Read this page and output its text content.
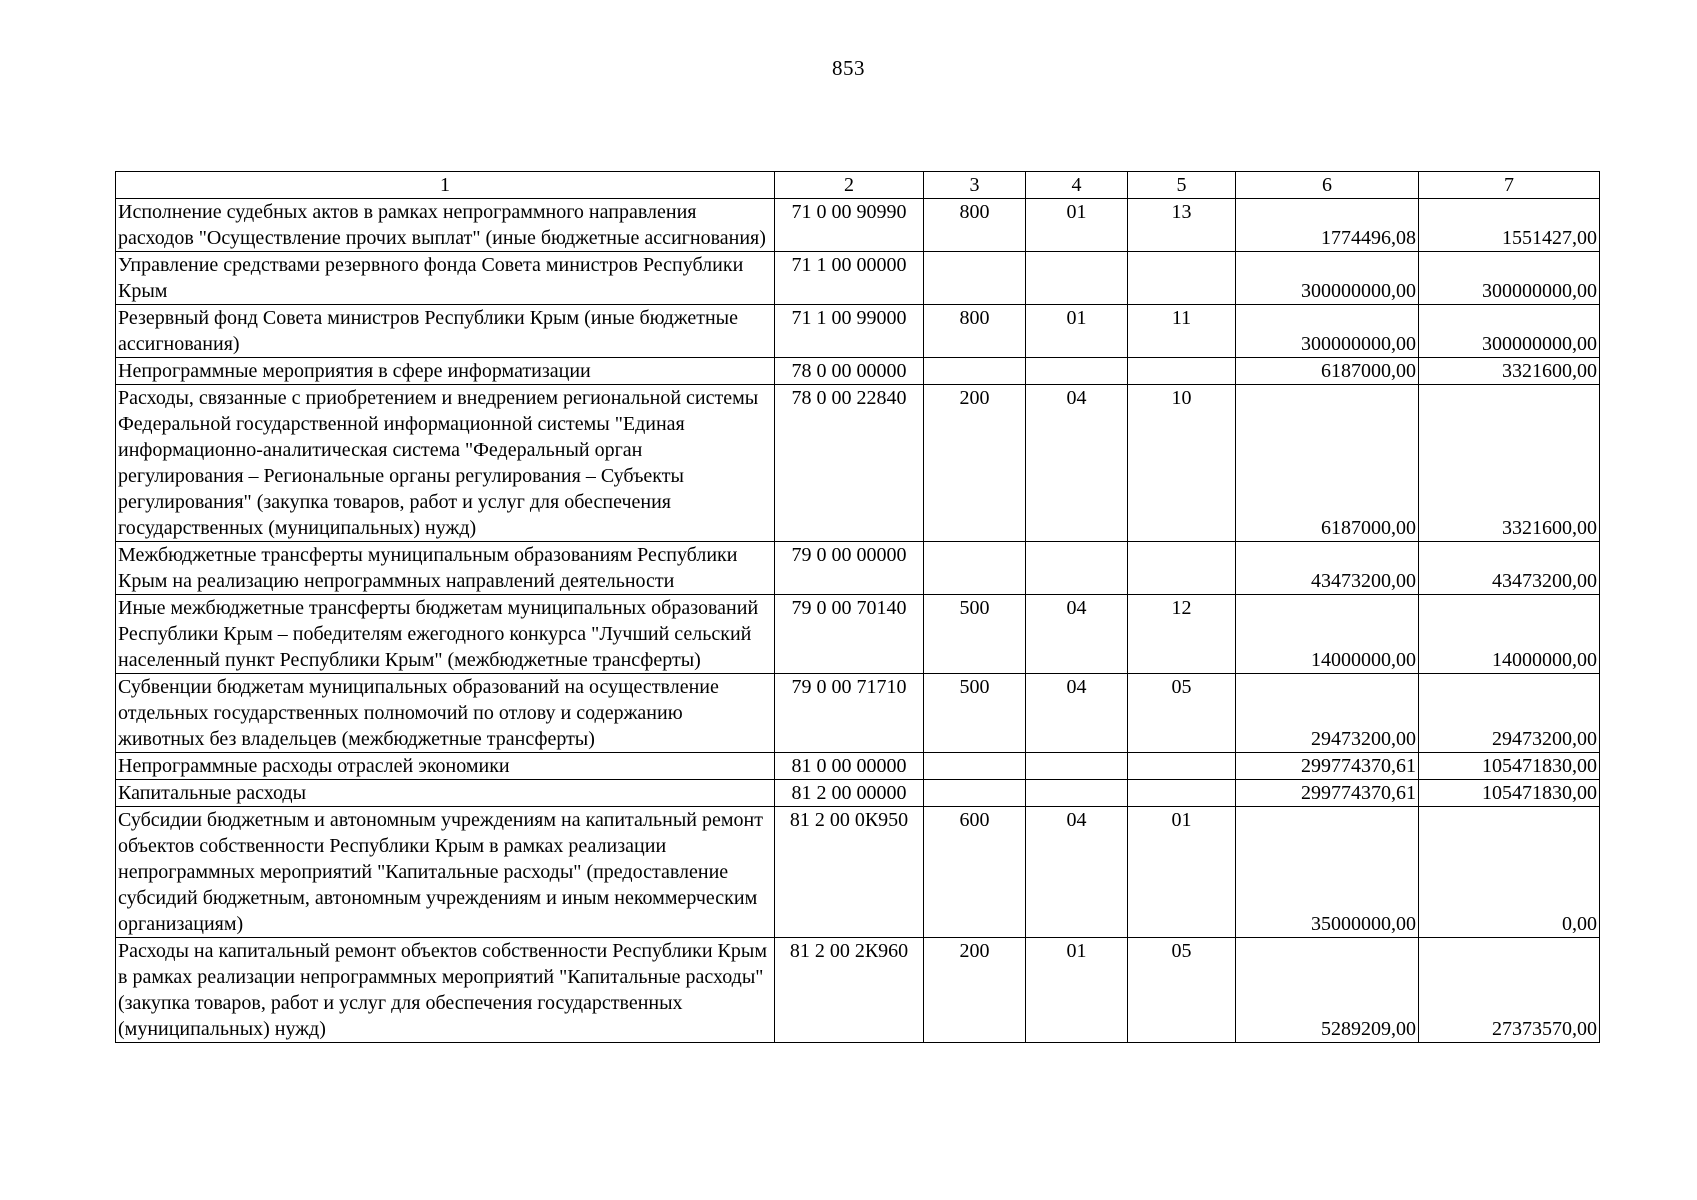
853
1	2	3	4	5	6	7
Исполнение судебных актов в рамках непрограммного направления расходов "Осуществление прочих выплат" (иные бюджетные ассигнования)	71 0 00 90990	800	01	13	1774496,08	1551427,00
Управление средствами резервного фонда Совета министров Республики Крым	71 1 00 00000				300000000,00	300000000,00
Резервный фонд Совета министров Республики Крым (иные бюджетные ассигнования)	71 1 00 99000	800	01	11	300000000,00	300000000,00
Непрограммные мероприятия в сфере информатизации	78 0 00 00000				6187000,00	3321600,00
Расходы, связанные с приобретением и внедрением региональной системы Федеральной государственной информационной системы "Единая информационно-аналитическая система "Федеральный орган регулирования – Региональные органы регулирования – Субъекты регулирования" (закупка товаров, работ и услуг для обеспечения государственных (муниципальных) нужд)	78 0 00 22840	200	04	10	6187000,00	3321600,00
Межбюджетные трансферты муниципальным образованиям Республики Крым на реализацию непрограммных направлений деятельности	79 0 00 00000				43473200,00	43473200,00
Иные межбюджетные трансферты бюджетам муниципальных образований Республики Крым – победителям ежегодного конкурса "Лучший сельский населенный пункт Республики Крым" (межбюджетные трансферты)	79 0 00 70140	500	04	12	14000000,00	14000000,00
Субвенции бюджетам муниципальных образований на осуществление отдельных государственных полномочий по отлову и содержанию животных без владельцев (межбюджетные трансферты)	79 0 00 71710	500	04	05	29473200,00	29473200,00
Непрограммные расходы отраслей экономики	81 0 00 00000				299774370,61	105471830,00
Капитальные расходы	81 2 00 00000				299774370,61	105471830,00
Субсидии бюджетным и автономным учреждениям на капитальный ремонт объектов собственности Республики Крым в рамках реализации непрограммных мероприятий "Капитальные расходы" (предоставление субсидий бюджетным, автономным учреждениям и иным некоммерческим организациям)	81 2 00 0К950	600	04	01	35000000,00	0,00
Расходы на капитальный ремонт объектов собственности Республики Крым в рамках реализации непрограммных мероприятий "Капитальные расходы" (закупка товаров, работ и услуг для обеспечения государственных (муниципальных) нужд)	81 2 00 2К960	200	01	05	5289209,00	27373570,00
